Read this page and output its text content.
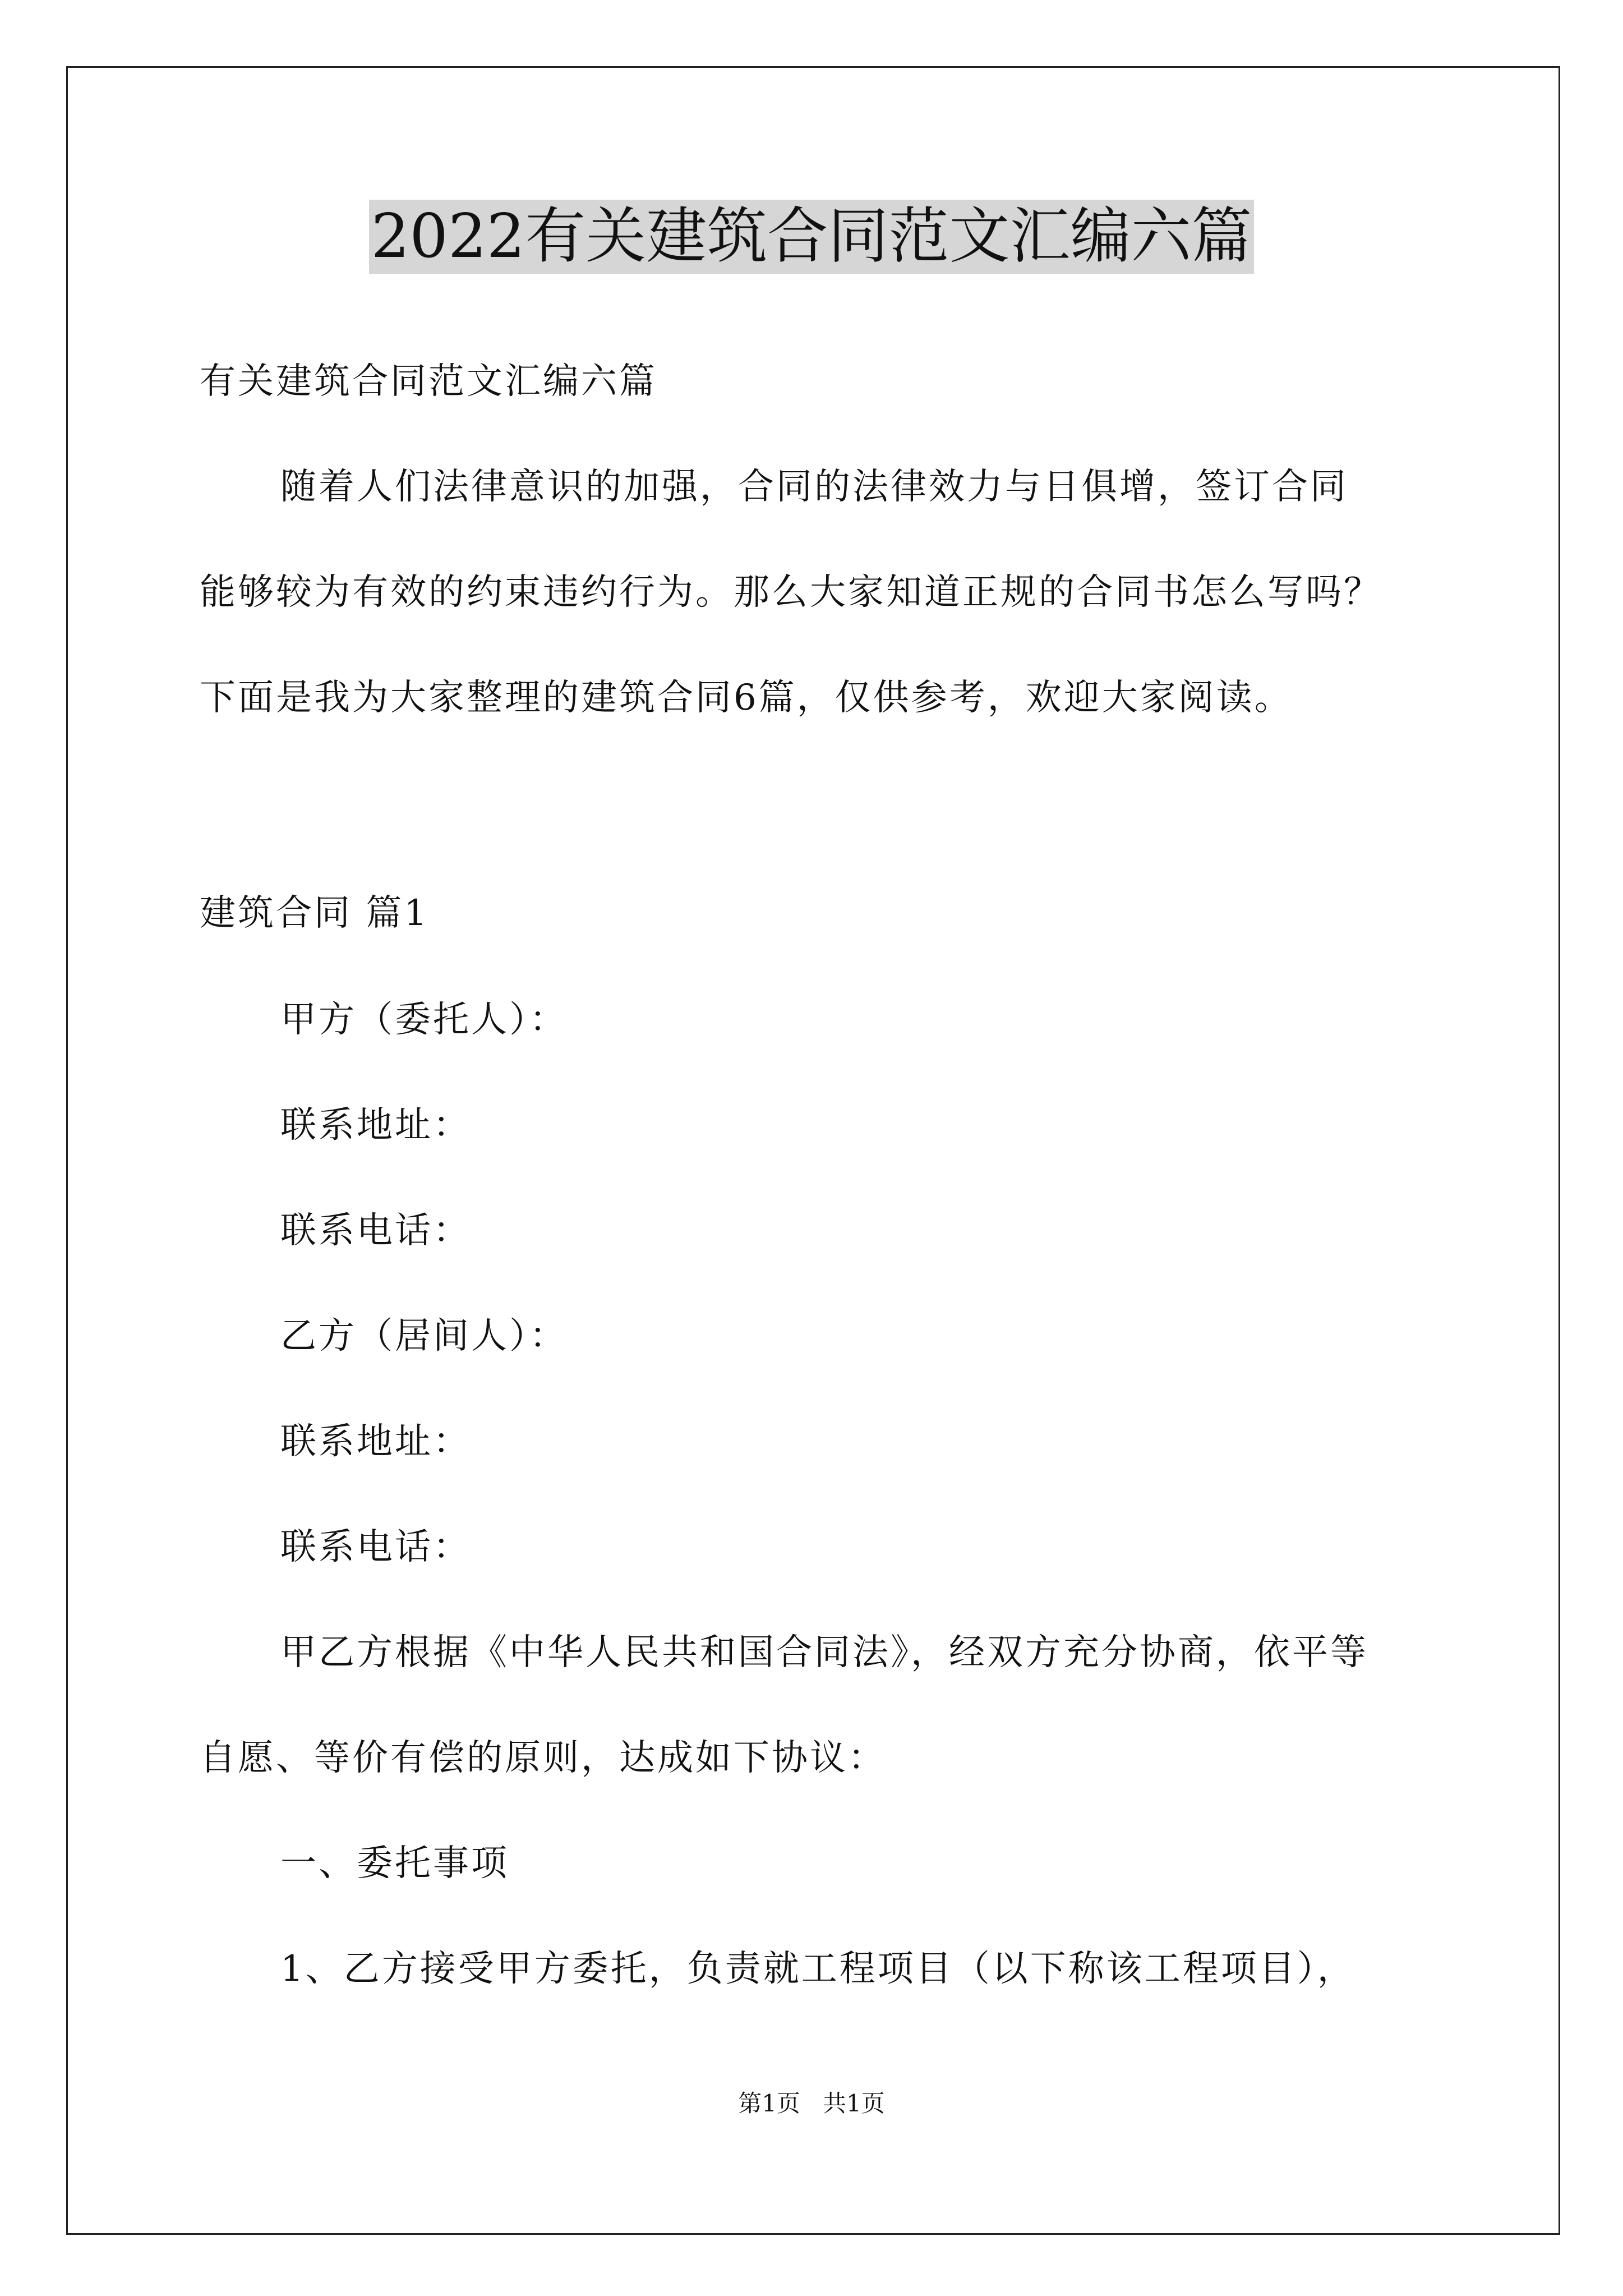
2022有关建筑合同范文汇编六篇
有关建筑合同范文汇编六篇
随着人们法律意识的加强，合同的法律效力与日俱增，签订合同
能够较为有效的约束违约行为。那么大家知道正规的合同书怎么写吗？
下面是我为大家整理的建筑合同6篇，仅供参考，欢迎大家阅读。
建筑合同 篇1
甲方（委托人）：
联系地址：
联系电话：
乙方（居间人）：
联系地址：
联系电话：
甲乙方根据《中华人民共和国合同法》，经双方充分协商，依平等
自愿、等价有偿的原则，达成如下协议：
一、委托事项
1、乙方接受甲方委托，负责就工程项目（以下称该工程项目），
第1页   共1页
